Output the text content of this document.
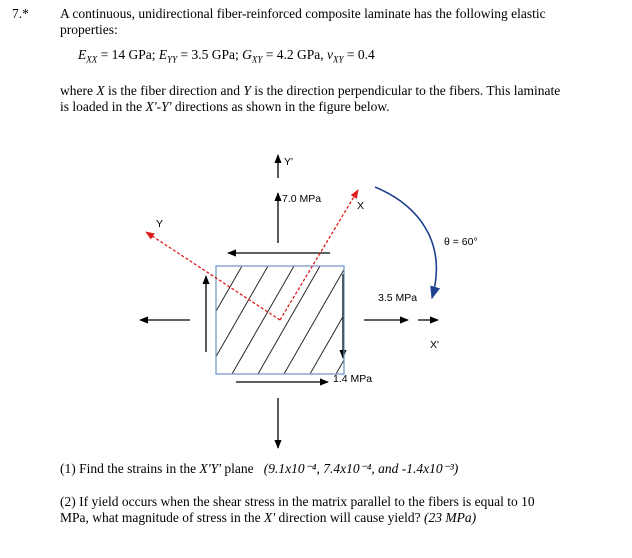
7.* A continuous, unidirectional fiber-reinforced composite laminate has the following elastic
properties:
$E_{XX} = 14$ GPa; $E_{YY} = 3.5$ GPa; $G_{XY} = 4.2$ GPa, $\nu_{XY} = 0.4$
where X is the fiber direction and Y is the direction perpendicular to the fibers. This laminate
is loaded in the X'-Y' directions as shown in the figure below.
Y'
7.0 MPa
X
Y
θ = 60°
3.5 MPa
X'
1.4 MPa
(1) Find the strains in the X'Y' plane (9.1x10⁻⁴, 7.4x10⁻⁴, and -1.4x10⁻³)
(2) If yield occurs when the shear stress in the matrix parallel to the fibers is equal to 10
MPa, what magnitude of stress in the X' direction will cause yield? (23 MPa)
